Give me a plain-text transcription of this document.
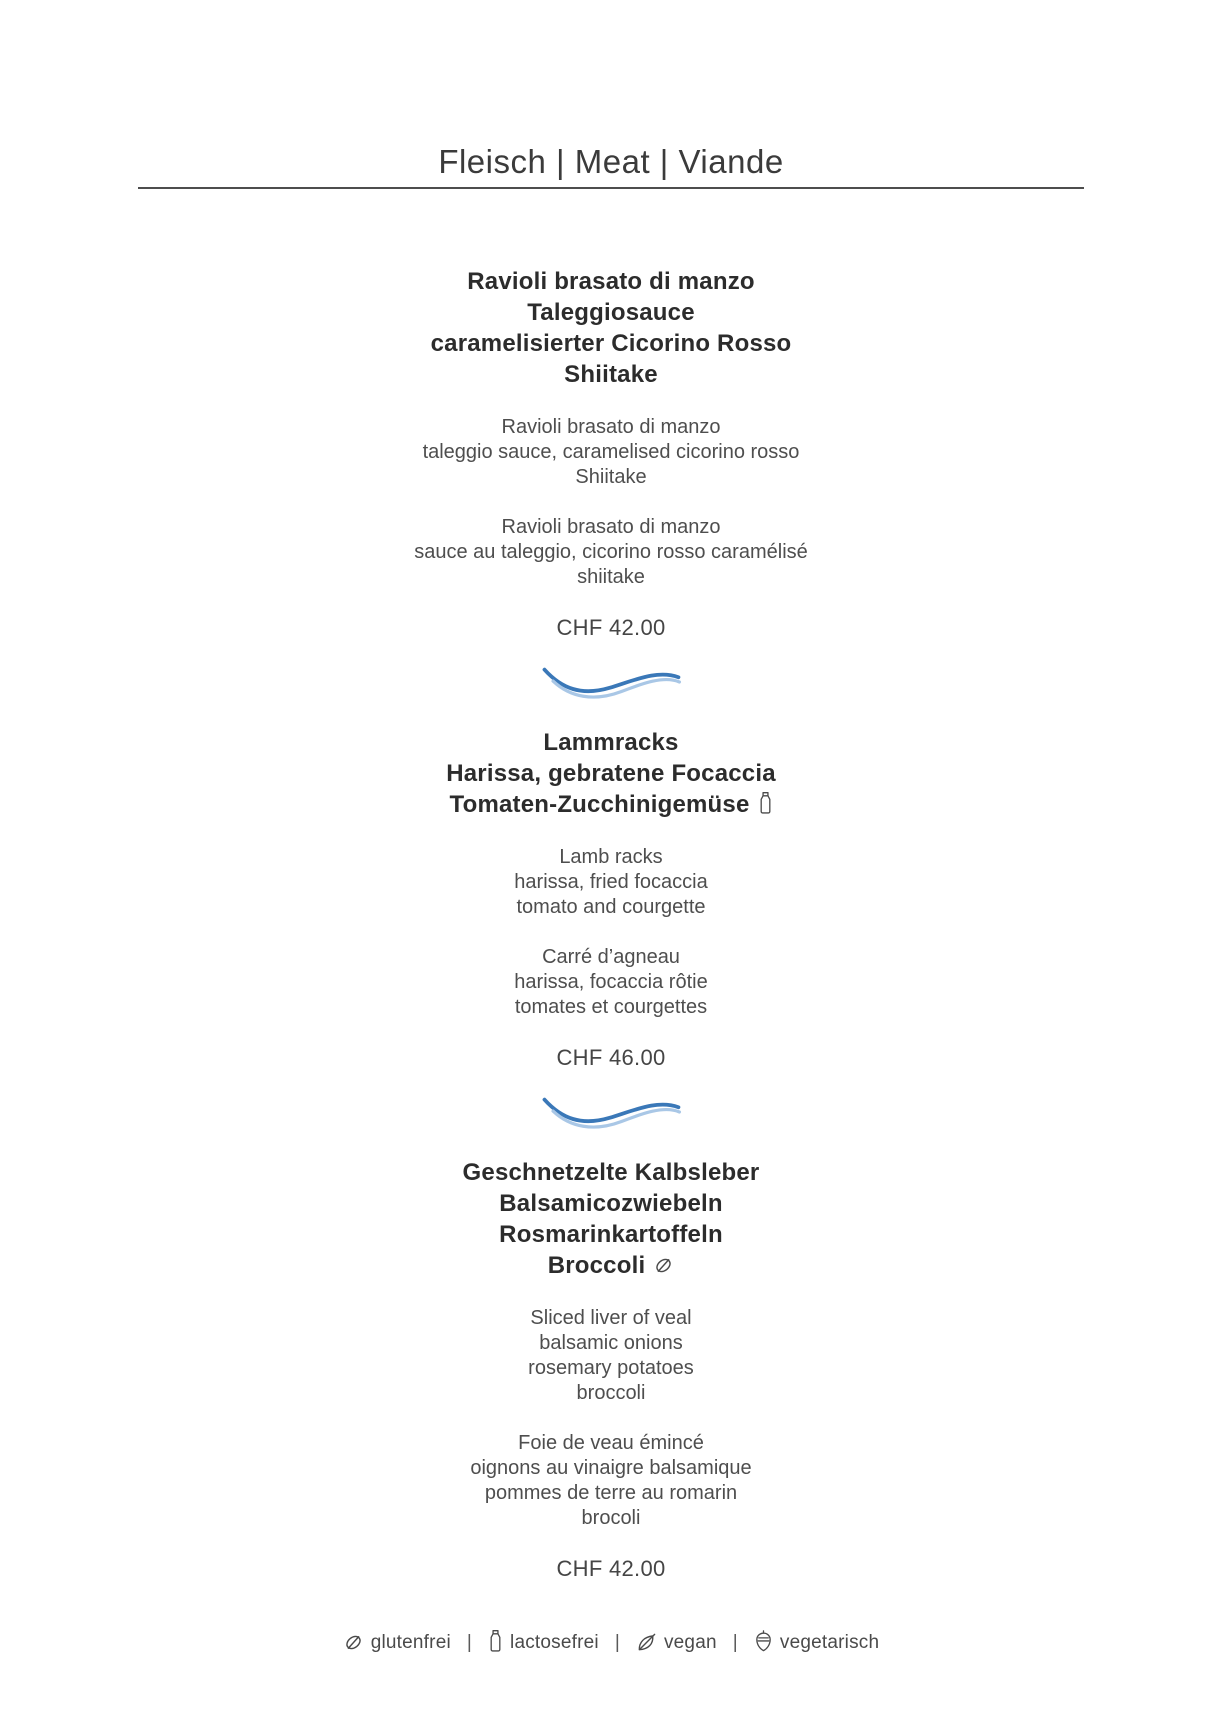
Fleisch | Meat | Viande
Ravioli brasato di manzo
Taleggiosauce
caramelisierter Cicorino Rosso
Shiitake

Ravioli brasato di manzo
taleggio sauce, caramelised cicorino rosso
Shiitake

Ravioli brasato di manzo
sauce au taleggio, cicorino rosso caramélisé
shiitake

CHF 42.00

Lammracks
Harissa, gebratene Focaccia
Tomaten-Zucchinigemüse

Lamb racks
harissa, fried focaccia
tomato and courgette

Carré d’agneau
harissa, focaccia rôtie
tomates et courgettes

CHF 46.00

Geschnetzelte Kalbsleber
Balsamicozwiebeln
Rosmarinkartoffeln
Broccoli

Sliced liver of veal
balsamic onions
rosemary potatoes
broccoli

Foie de veau émincé
oignons au vinaigre balsamique
pommes de terre au romarin
brocoli

CHF 42.00

glutenfrei | lactosefrei | vegan | vegetarisch
